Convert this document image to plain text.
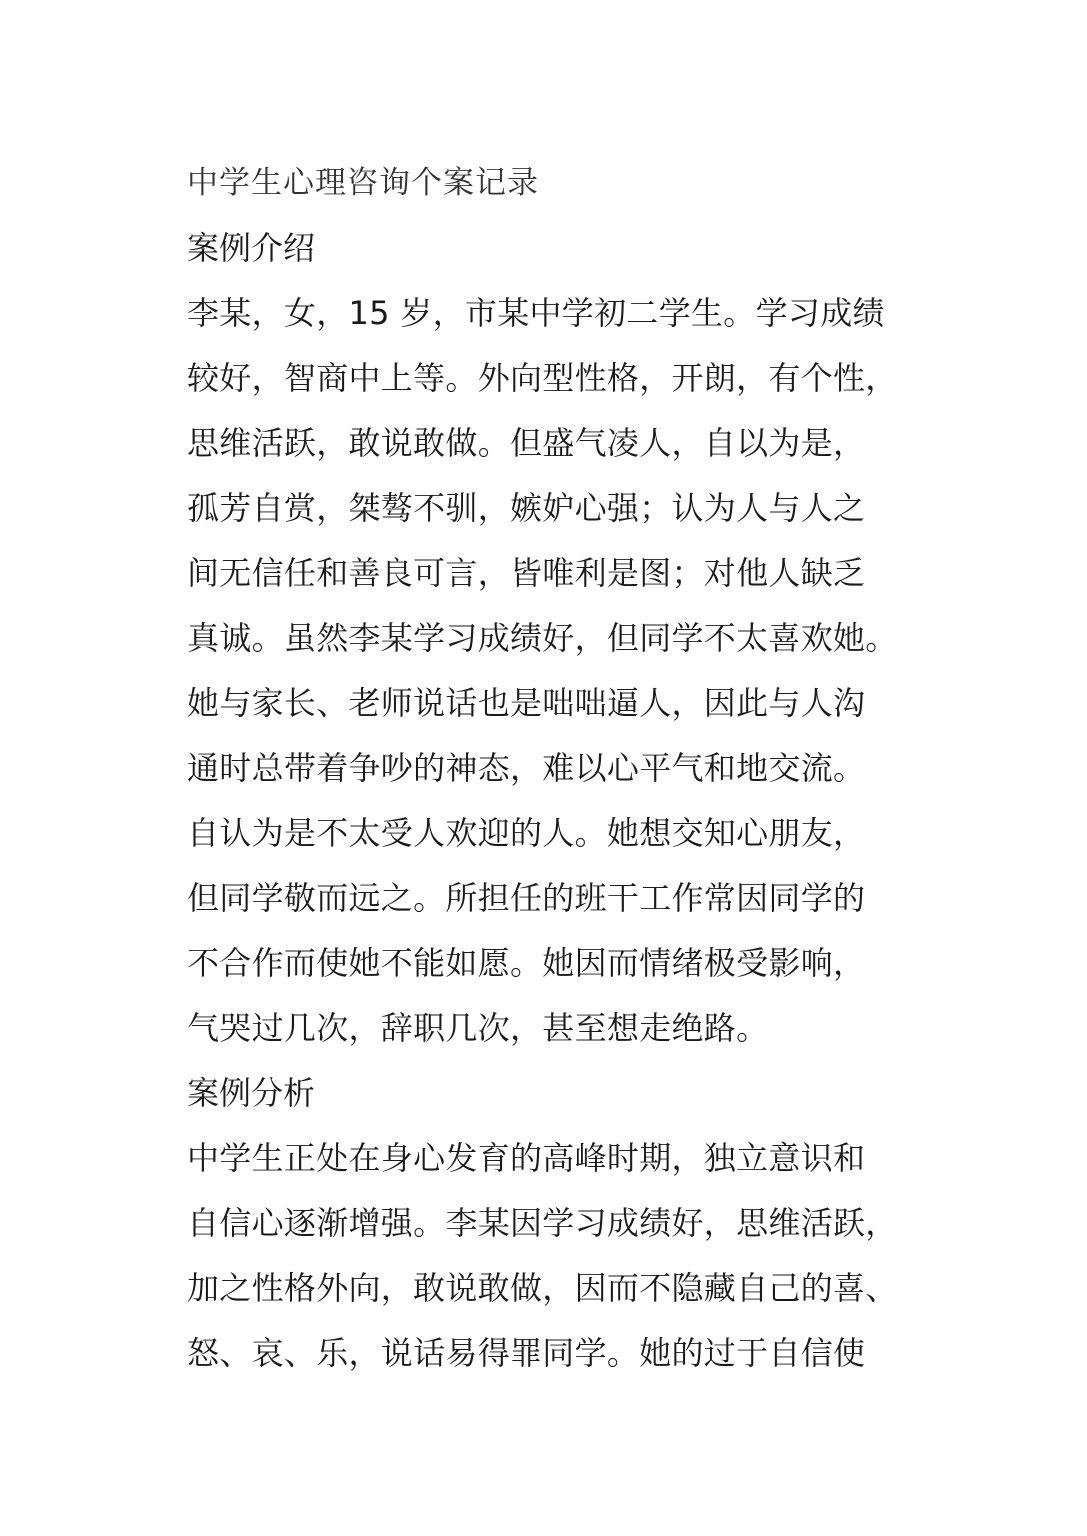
中学生心理咨询个案记录
案例介绍

李某，女，15 岁，市某中学初二学生。学习成绩

较好，智商中上等。外向型性格，开朗，有个性，

思维活跃，敢说敢做。但盛气凌人，自以为是，

孤芳自赏，桀骜不驯，嫉妒心强；认为人与人之

间无信任和善良可言，皆唯利是图；对他人缺乏

真诚。虽然李某学习成绩好，但同学不太喜欢她。

她与家长、老师说话也是咄咄逼人，因此与人沟

通时总带着争吵的神态，难以心平气和地交流。

自认为是不太受人欢迎的人。她想交知心朋友，

但同学敬而远之。所担任的班干工作常因同学的

不合作而使她不能如愿。她因而情绪极受影响，

气哭过几次，辞职几次，甚至想走绝路。

案例分析

中学生正处在身心发育的高峰时期，独立意识和

自信心逐渐增强。李某因学习成绩好，思维活跃，

加之性格外向，敢说敢做，因而不隐藏自己的喜、

怒、哀、乐，说话易得罪同学。她的过于自信使
